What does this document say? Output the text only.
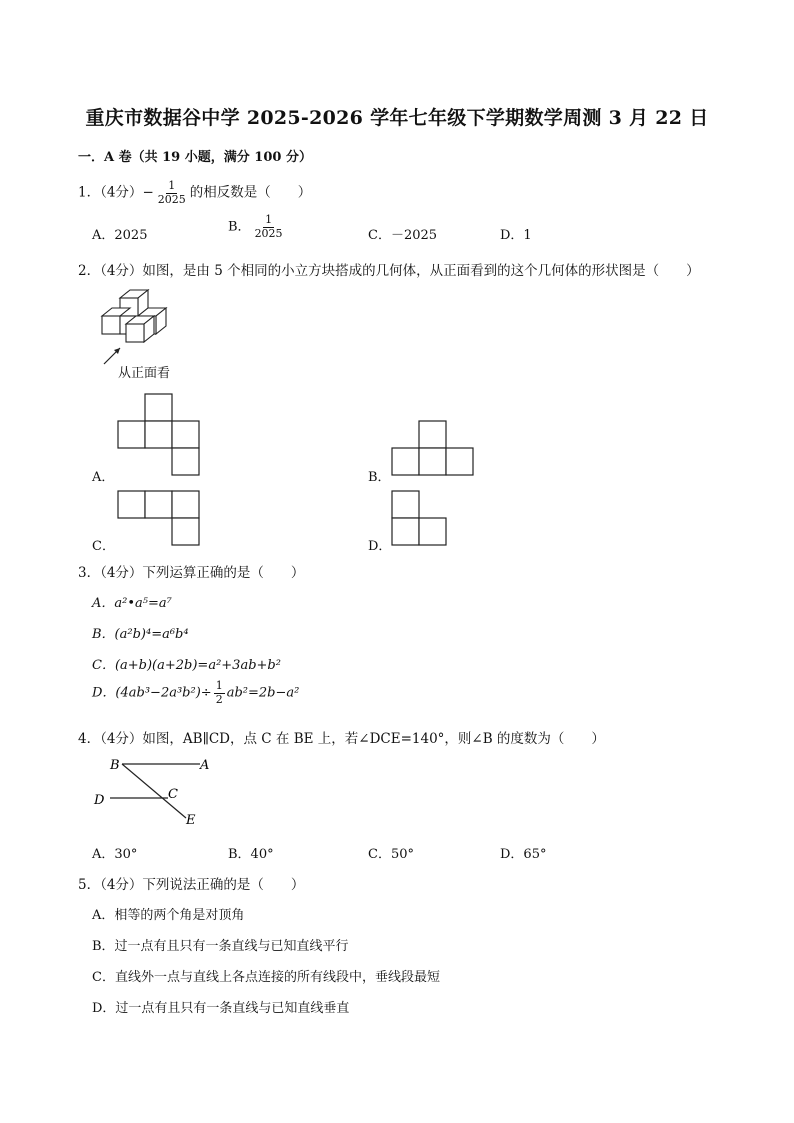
重庆市数据谷中学 2025-2026 学年七年级下学期数学周测 3 月 22 日
一．A 卷（共 19 小题，满分 100 分）
1．（4分）− $\frac{1}{2025}$ 的相反数是（　　）
A．2025
B． $\frac{1}{2025}$	C．－2025	D．1
2．（4分）如图，是由 5 个相同的小立方块搭成的几何体，从正面看到的这个几何体的形状图是（　　）
从正面看
A．	B．
C．	D．
3．（4分）下列运算正确的是（　　）
A．a²•a⁵=a⁷
B．(a²b)⁴=a⁶b⁴
C．(a+b)(a+2b)=a²+3ab+b²
D．$(4ab^3-2a^3b^2)\div \frac{1}{2} ab^2=2b-a^2$
4．（4分）如图，AB∥CD，点 C 在 BE 上，若∠DCE=140°，则∠B 的度数为（　　）
B	A
D	C
E
A．30°	B．40°	C．50°	D．65°
5．（4分）下列说法正确的是（　　）
A．相等的两个角是对顶角
B．过一点有且只有一条直线与已知直线平行
C．直线外一点与直线上各点连接的所有线段中，垂线段最短
D．过一点有且只有一条直线与已知直线垂直
